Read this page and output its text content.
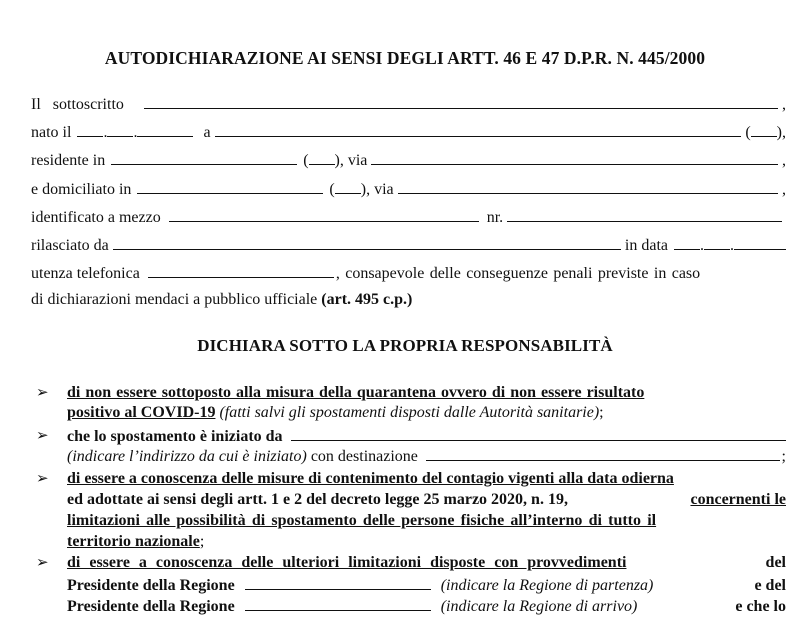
AUTODICHIARAZIONE AI SENSI DEGLI ARTT. 46 E 47 D.P.R. N. 445/2000
Il   sottoscritto	,
nato il . .	a	( ),
residente in	( ), via	,
e domiciliato in	( ), via	,
identificato a mezzo	nr.
rilasciato da	in data . .
utenza telefonica	, consapevole delle conseguenze penali previste in caso
di dichiarazioni mendaci a pubblico ufficiale
(art. 495 c.p.)
DICHIARA SOTTO LA PROPRIA RESPONSABILITÀ
➢ di non essere sottoposto alla misura della quarantena ovvero di non essere risultato
positivo al COVID-19
(fatti salvi gli spostamenti disposti dalle Autorità sanitarie) ;
➢ che lo spostamento è iniziato da
(indicare l’indirizzo da cui è iniziato)
con destinazione	;
➢ di essere a conoscenza delle misure di contenimento del contagio vigenti alla data odierna
ed adottate ai sensi degli artt. 1 e 2 del decreto legge 25 marzo 2020, n. 19,	concernenti le
limitazioni alle possibilità di spostamento delle persone fisiche all’interno di tutto il
territorio nazionale ;
➢ di essere a conoscenza delle ulteriori limitazioni disposte con provvedimenti	del
Presidente della Regione	(indicare la Regione di partenza)	e del
Presidente della Regione	(indicare la Regione di arrivo)	e che lo
